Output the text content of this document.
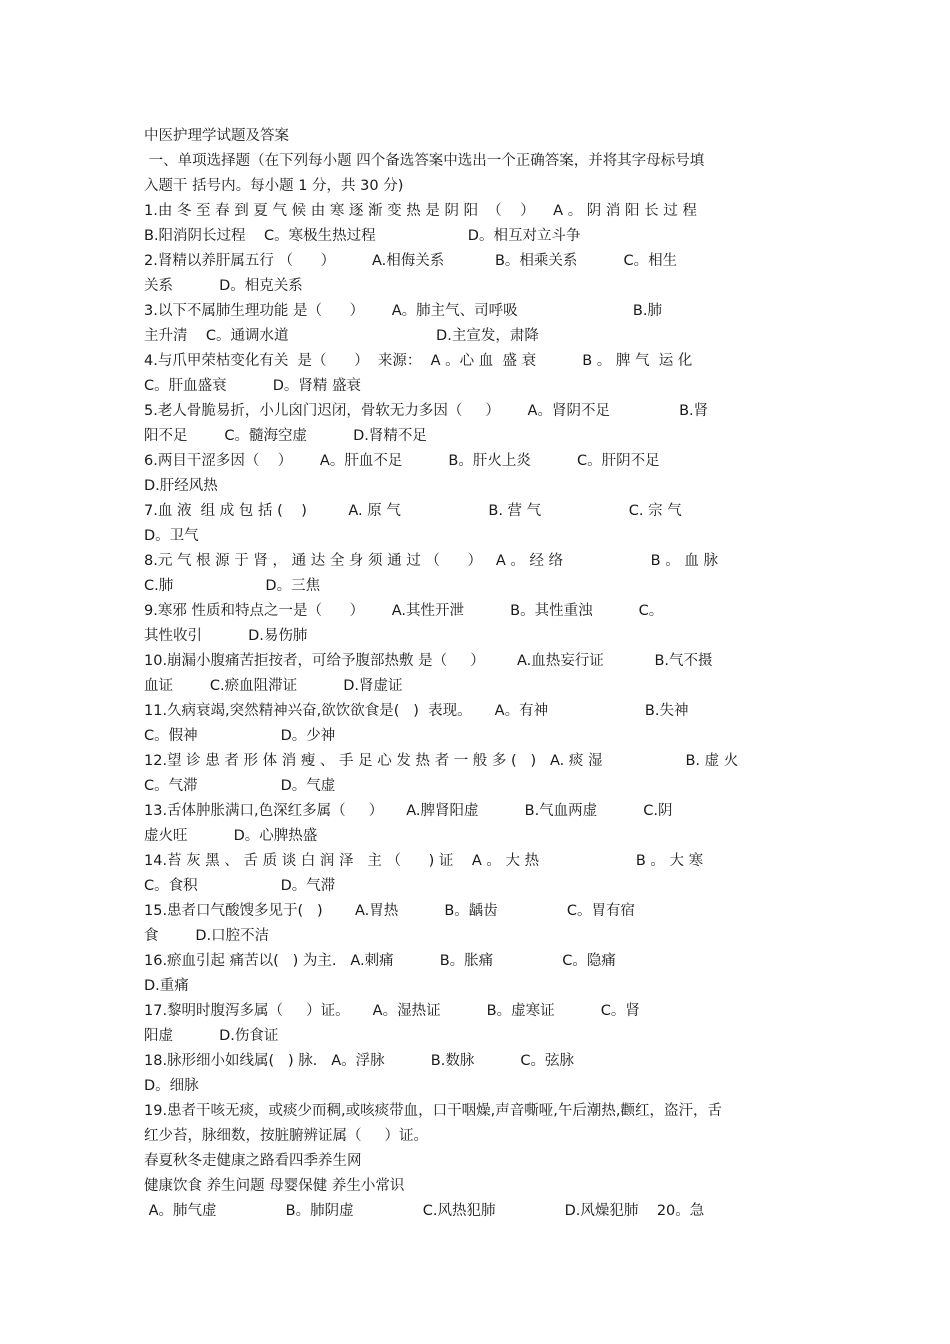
中医护理学试题及答案
一、单项选择题（在下列每小题 四个备选答案中选出一个正确答案，并将其字母标号填
入题干 括号内。每小题 1 分，共 30 分)
1.由 冬 至 春 到 夏 气 候 由 寒 逐 渐 变 热 是 阴 阳  （    ）    A 。 阴 消 阳 长 过 程
B.阳消阴长过程    C。寒极生热过程                    D。相互对立斗争
2.肾精以养肝属五行 （      ）        A.相侮关系           B。相乘关系          C。相生
关系          D。相克关系
3.以下不属肺生理功能 是（      ）      A。肺主气、司呼吸                         B.肺
主升清    C。通调水道                                D.主宣发，肃降
4.与爪甲荣枯变化有关  是（      ）  来源：  A 。心 血  盛 衰          B 。 脾 气  运 化
C。肝血盛衰          D。肾精 盛衰
5.老人骨脆易折，小儿囟门迟闭，骨软无力多因（     ）      A。肾阴不足               B.肾
阳不足        C。髓海空虚          D.肾精不足
6.两目干涩多因（    ）      A。肝血不足          B。肝火上炎          C。肝阴不足
D.肝经风热
7.血 液  组 成 包 括 (    )         A. 原 气                   B. 营 气                   C. 宗 气
D。卫气
8.元 气 根 源 于 肾 ， 通 达 全 身 须 通 过 （      ）   A 。 经 络                   B 。 血 脉
C.肺                    D。三焦
9.寒邪 性质和特点之一是（      ）      A.其性开泄          B。其性重浊          C。
其性收引          D.易伤肺
10.崩漏小腹痛苦拒按者，可给予腹部热敷 是（     ）       A.血热妄行证           B.气不摄
血证        C.瘀血阻滞证          D.肾虚证
11.久病衰竭,突然精神兴奋,欲饮欲食是(   )  表现。     A。有神                     B.失神
C。假神                  D。少神
12.望 诊 患 者 形 体 消 瘦 、 手 足 心 发 热 者 一 般 多 (   )   A. 痰 湿                  B. 虚 火
C。气滞                  D。气虚
13.舌体肿胀满口,色深红多属（     ）     A.脾肾阳虚          B.气血两虚          C.阴
虚火旺          D。心脾热盛
14.苔 灰 黑 、 舌 质 谈 白 润 泽   主 （      ) 证    A 。 大 热                     B 。 大 寒
C。食积                  D。气滞
15.患者口气酸馊多见于(   )       A.胃热          B。龋齿               C。胃有宿
食        D.口腔不洁
16.瘀血引起 痛苦以(   ) 为主.   A.刺痛          B。胀痛               C。隐痛
D.重痛
17.黎明时腹泻多属（     ）证。     A。湿热证          B。虚寒证          C。肾
阳虚          D.伤食证
18.脉形细小如线属(   ) 脉.   A。浮脉          B.数脉          C。弦脉
D。细脉
19.患者干咳无痰，或痰少而稠,或咳痰带血，口干咽燥,声音嘶哑,午后潮热,颧红，盗汗，舌
红少苔，脉细数，按脏腑辨证属（     ）证。
春夏秋冬走健康之路看四季养生网
健康饮食 养生问题 母婴保健 养生小常识
A。肺气虚               B。肺阴虚               C.风热犯肺               D.风燥犯肺    20。急
